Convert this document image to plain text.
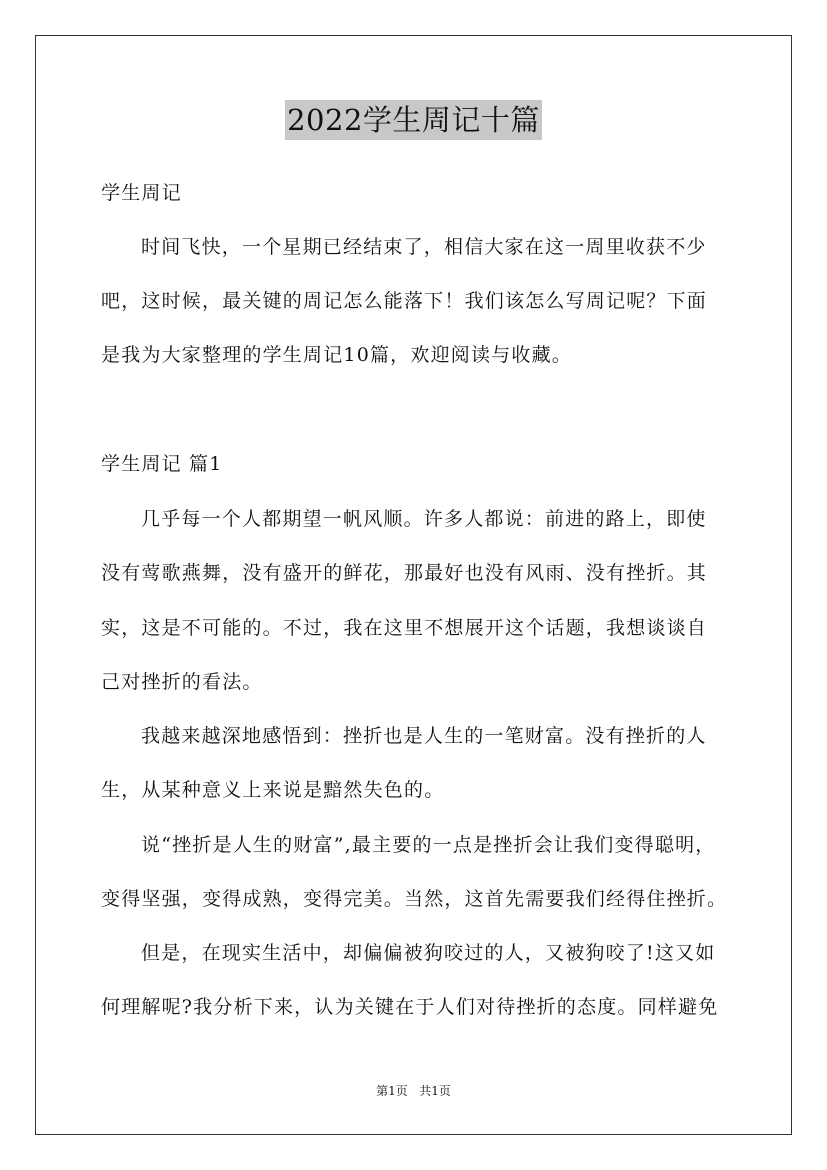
2022学生周记十篇
学生周记
时间飞快，一个星期已经结束了，相信大家在这一周里收获不少
吧，这时候，最关键的周记怎么能落下！我们该怎么写周记呢？下面
是我为大家整理的学生周记10篇，欢迎阅读与收藏。
学生周记 篇1
几乎每一个人都期望一帆风顺。许多人都说：前进的路上，即使
没有莺歌燕舞，没有盛开的鲜花，那最好也没有风雨、没有挫折。其
实，这是不可能的。不过，我在这里不想展开这个话题，我想谈谈自
己对挫折的看法。
我越来越深地感悟到：挫折也是人生的一笔财富。没有挫折的人
生，从某种意义上来说是黯然失色的。
说“挫折是人生的财富”,最主要的一点是挫折会让我们变得聪明，
变得坚强，变得成熟，变得完美。当然，这首先需要我们经得住挫折。
但是，在现实生活中，却偏偏被狗咬过的人，又被狗咬了!这又如
何理解呢?我分析下来，认为关键在于人们对待挫折的态度。同样避免
第1页 共1页
